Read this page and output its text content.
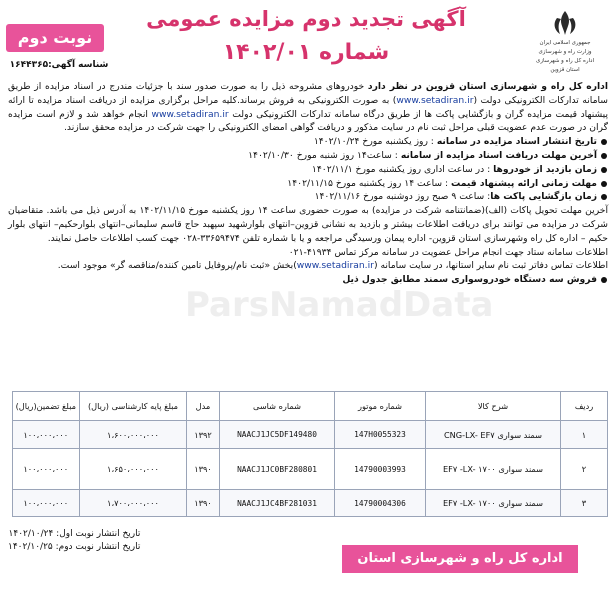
ParsNamadData
جمهوری اسلامی ایران
وزارت راه و شهرسازی
اداره کل راه و شهرسازی
استان قزوین
آگهی تجدید دوم مزایده عمومی
شماره ۱۴۰۲/۰۱
نوبت دوم
شناسه آگهی:۱۶۴۴۳۶۵

اداره کل راه و شهرسازی استان قزوین در نظر دارد خودروهای مشروحه ذیل را به صورت صدور سند با جزئیات مندرج در اسناد مزایده از طریق سامانه تدارکات الکترونیکی دولت (www.setadiran.ir) به صورت الکترونیکی به فروش برساند.کلیه مراحل برگزاری مزایده از دریافت اسناد مزایده تا ارائه پیشنهاد قیمت مزایده گران و بازگشایی پاکت ها از طریق درگاه سامانه تدارکات الکترونیکی دولت www.setadiran.ir انجام خواهد شد و لازم است مزایده گران در صورت عدم عضویت قبلی مراحل ثبت نام در سایت مذکور و دریافت گواهی امضای الکترونیکی را جهت شرکت در مزایده محقق سازند.

تاریخ انتشار اسناد مزایده در سامانه : روز یکشنبه مورخ ۱۴۰۲/۱۰/۲۴
آخرین مهلت دریافت اسناد مزایده از سامانه : ساعت۱۴ روز شنبه مورخ ۱۴۰۲/۱۰/۳۰
زمان بازدید از خودروها : در ساعت اداری روز یکشنبه مورخ ۱۴۰۲/۱۱/۱
مهلت زمانی ارائه پیشنهاد قیمت : ساعت ۱۴ روز یکشنبه مورخ ۱۴۰۲/۱۱/۱۵
زمان بازگشایی پاکت ها: ساعت ۹ صبح روز دوشنبه مورخ ۱۴۰۲/۱۱/۱۶

آخرین مهلت تحویل پاکات (الف)(ضمانتنامه شرکت در مزایده) به صورت حضوری ساعت ۱۴ روز یکشنبه مورخ ۱۴۰۲/۱۱/۱۵ به آدرس ذیل می باشد. متقاضیان شرکت در مزایده می توانند برای دریافت اطلاعات بیشتر و بازدید به نشانی قزوین–انتهای بلوارشهید سپهبد حاج قاسم سلیمانی–انتهای بلوارحکیم– انتهای بلوار حکیم – اداره کل راه وشهرسازی استان قزوین- اداره پیمان ورسیدگی مراجعه و یا با شماره تلفن ۳۳۶۵۹۴۷۴-۰۲۸ جهت کسب اطلاعات حاصل نمایند.

اطلاعات سامانه ستاد جهت انجام مراحل عضویت در سامانه مرکز تماس ۴۱۹۳۴-۰۲۱

اطلاعات تماس دفاتر ثبت نام سایر استانها، در سایت سامانه (www.setadiran.ir)بخش «ثبت نام/پروفایل تامین کننده/مناقصه گر» موجود است.

فروش سه دستگاه خودروسواری سمند مطابق جدول ذیل
ردیف	شرح کالا	شماره موتور	شماره شاسی	مدل	مبلغ پایه کارشناسی (ریال)	مبلغ تضمین(ریال)
۱	سمند سواری CNG-LX- EF۷	147H0055323	NAACJ1JC5DF149480	۱۳۹۲	۱،۶۰۰،۰۰۰،۰۰۰	۱۰۰،۰۰۰،۰۰۰
۲	سمند سواری EF۷ -LX- ۱۷۰۰	14790003993	NAACJ1JC0BF280801	۱۳۹۰	۱،۶۵۰،۰۰۰،۰۰۰	۱۰۰،۰۰۰،۰۰۰
۳	سمند سواری EF۷ -LX- ۱۷۰۰	14790004306	NAACJ1JC4BF281031	۱۳۹۰	۱،۷۰۰،۰۰۰،۰۰۰	۱۰۰،۰۰۰،۰۰۰
تاریخ انتشار نوبت اول: ۱۴۰۲/۱۰/۲۴
تاریخ انتشار نوبت دوم: ۱۴۰۲/۱۰/۲۵
اداره کل راه و شهرسازی استان قزوین
